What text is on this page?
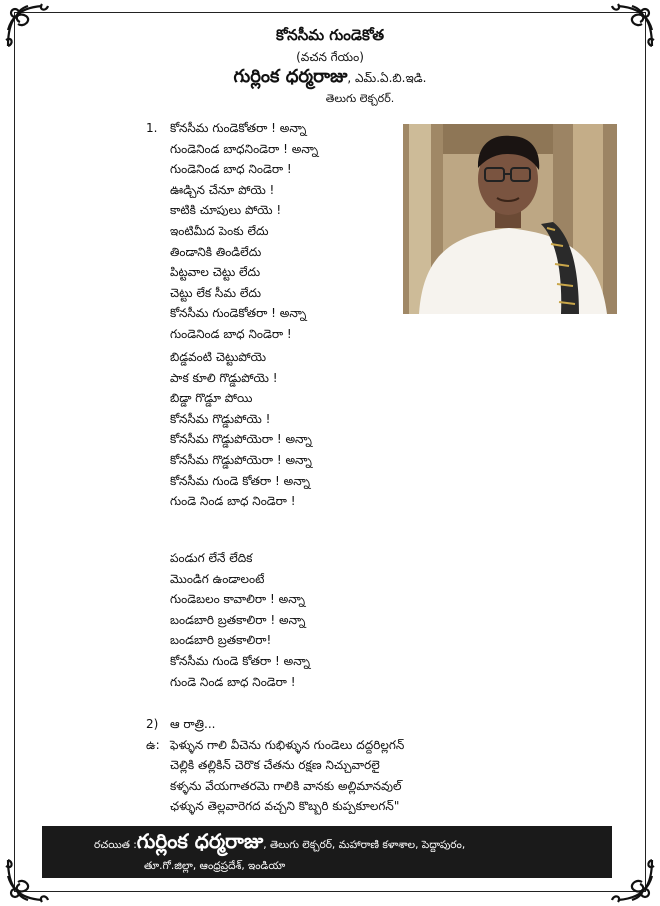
కోనసీమ గుండెకోత
(వచన గేయం)
గుర్లింక ధర్మరాజు, ఎమ్.ఏ.బి.ఇడి.
తెలుగు లెక్చరర్.
1.	కోనసీమ గుండెకోతరా ! అన్నా
గుండెనిండ బాధనిండెరా ! అన్నా
గుండెనిండ బాధ నిండెరా !
ఊడ్చిన చేనూ పోయె !
కాటికి చూపులు పోయె !
ఇంటిమీద పెంకు లేదు
తిండానికి తిండిలేదు
పిట్టవాల చెట్టు లేదు
చెట్టు లేక సీమ లేదు
కోనసీమ గుండెకోతరా ! అన్నా
గుండెనిండ బాధ నిండెరా !
బిడ్డవంటి చెట్టుపోయె
పాక కూలి గొడ్డుపోయె !
బిడ్డా గొడ్డూ పోయి
కోనసీమ గొడ్డుపోయె !
కోనసీమ గొడ్డుపోయెరా ! అన్నా
కోనసీమ గొడ్డుపోయెరా ! అన్నా
కోనసీమ గుండె కోతరా ! అన్నా
గుండె నిండ బాధ నిండెరా !
పండుగ లేనే లేదిక
మొండిగ ఉండాలంటే
గుండెబలం కావాలిరా ! అన్నా
బండబారి బ్రతకాలిరా ! అన్నా
బండబారి బ్రతకాలిరా!
కోనసీమ గుండె కోతరా ! అన్నా
గుండె నిండ బాధ నిండెరా !
2) ఆ రాత్రి...
ఉ: ఫెళ్ళున గాలి వీచెను గుభిళ్ళున గుండెలు దద్దరిల్లగన్
చెల్లికి తల్లికిన్ చెరొక చేతను రక్షణ నిచ్చువారలై
కళ్ళను వేయగాతరమె గాలికి వానకు అల్లిమానవుల్
ఛళ్ళున తెల్లవారెగద వచ్చని కొబ్బరి కుప్పకూలగన్"
రచయిత :గుర్లింక ధర్మరాజు, తెలుగు లెక్చరర్, మహారాణి కళాశాల, పెద్దాపురం,
తూ.గో.జిల్లా, ఆంధ్రప్రదేశ్, ఇండియా
